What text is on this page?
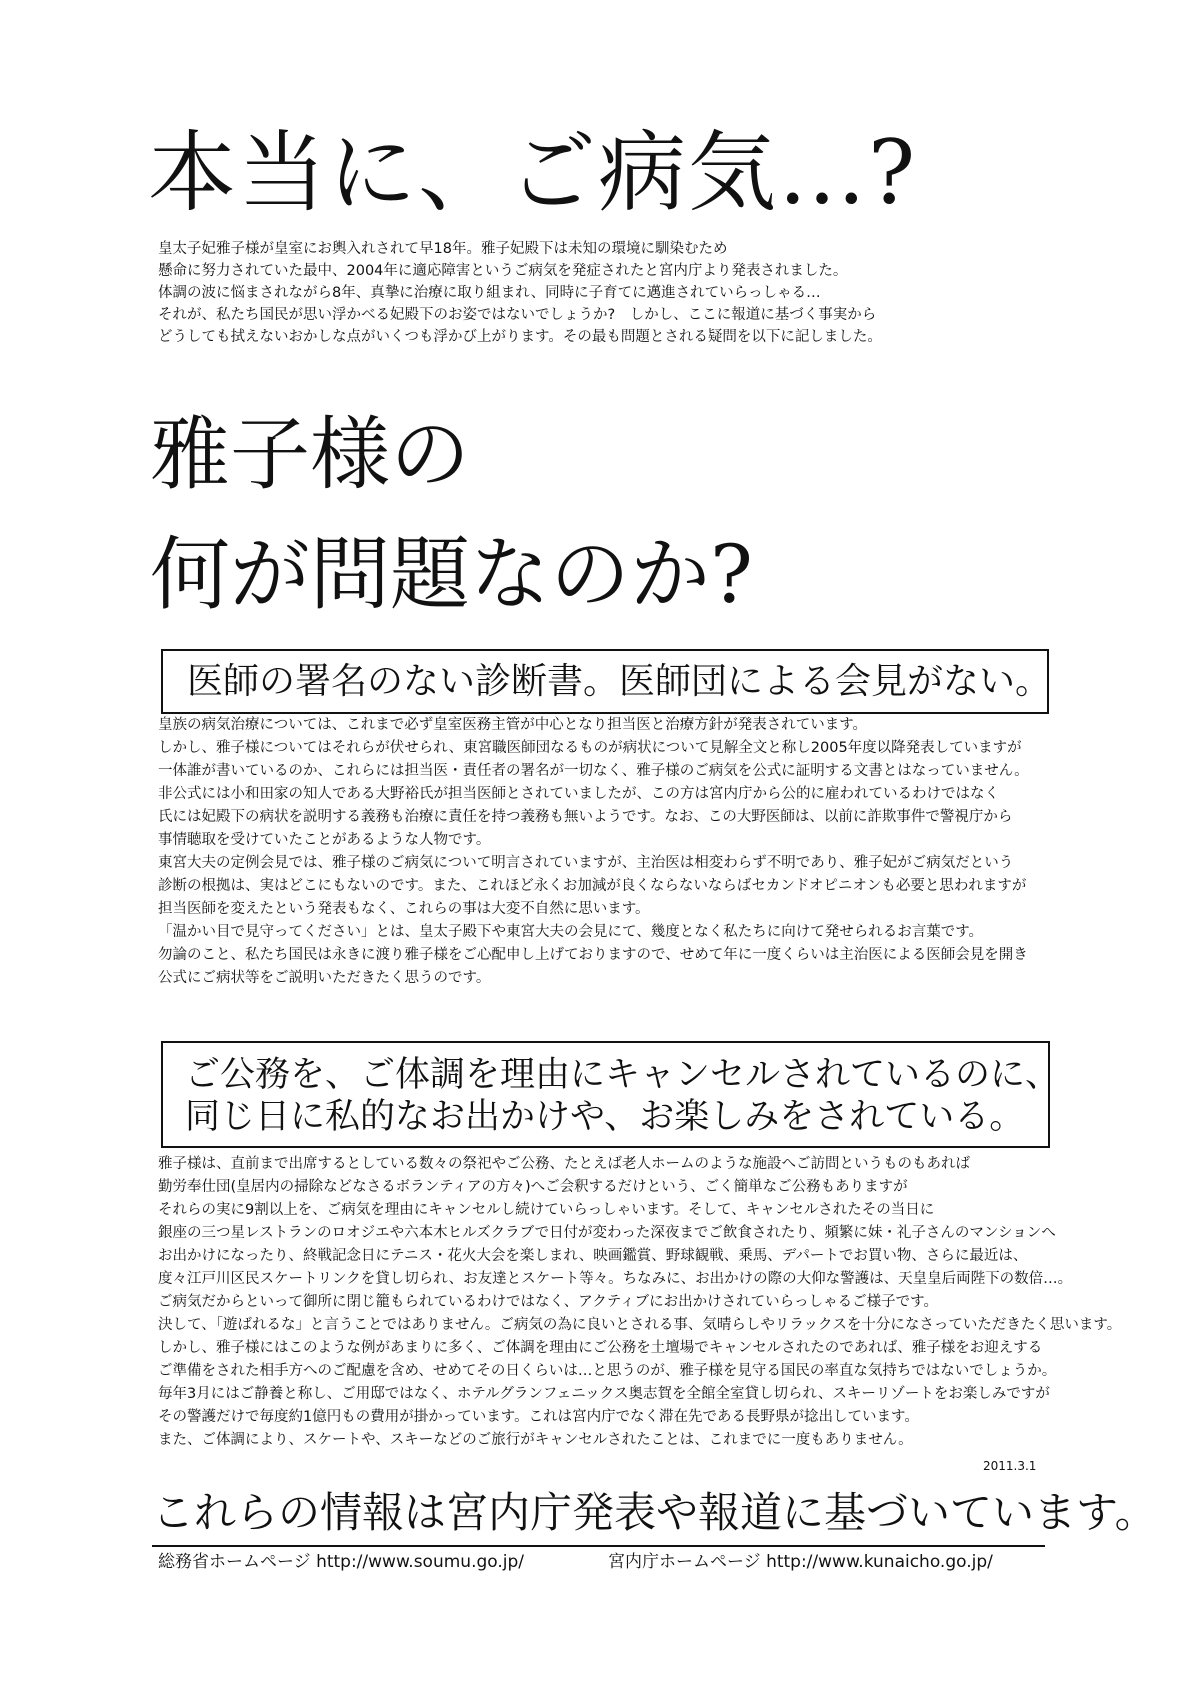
本当に、ご病気…?
皇太子妃雅子様が皇室にお輿入れされて早18年。雅子妃殿下は未知の環境に馴染むため
懸命に努力されていた最中、2004年に適応障害というご病気を発症されたと宮内庁より発表されました。
体調の波に悩まされながら8年、真摯に治療に取り組まれ、同時に子育てに邁進されていらっしゃる…
それが、私たち国民が思い浮かべる妃殿下のお姿ではないでしょうか?　しかし、ここに報道に基づく事実から
どうしても拭えないおかしな点がいくつも浮かび上がります。その最も問題とされる疑問を以下に記しました。
雅子様の
何が問題なのか?
医師の署名のない診断書。医師団による会見がない。
皇族の病気治療については、これまで必ず皇室医務主管が中心となり担当医と治療方針が発表されています。
しかし、雅子様についてはそれらが伏せられ、東宮職医師団なるものが病状について見解全文と称し2005年度以降発表していますが
一体誰が書いているのか、これらには担当医・責任者の署名が一切なく、雅子様のご病気を公式に証明する文書とはなっていません。
非公式には小和田家の知人である大野裕氏が担当医師とされていましたが、この方は宮内庁から公的に雇われているわけではなく
氏には妃殿下の病状を説明する義務も治療に責任を持つ義務も無いようです。なお、この大野医師は、以前に詐欺事件で警視庁から
事情聴取を受けていたことがあるような人物です。
東宮大夫の定例会見では、雅子様のご病気について明言されていますが、主治医は相変わらず不明であり、雅子妃がご病気だという
診断の根拠は、実はどこにもないのです。また、これほど永くお加減が良くならないならばセカンドオピニオンも必要と思われますが
担当医師を変えたという発表もなく、これらの事は大変不自然に思います。
「温かい目で見守ってください」とは、皇太子殿下や東宮大夫の会見にて、幾度となく私たちに向けて発せられるお言葉です。
勿論のこと、私たち国民は永きに渡り雅子様をご心配申し上げておりますので、せめて年に一度くらいは主治医による医師会見を開き
公式にご病状等をご説明いただきたく思うのです。
ご公務を、ご体調を理由にキャンセルされているのに、
同じ日に私的なお出かけや、お楽しみをされている。
雅子様は、直前まで出席するとしている数々の祭祀やご公務、たとえば老人ホームのような施設へご訪問というものもあれば
勤労奉仕団(皇居内の掃除などなさるボランティアの方々)へご会釈するだけという、ごく簡単なご公務もありますが
それらの実に9割以上を、ご病気を理由にキャンセルし続けていらっしゃいます。そして、キャンセルされたその当日に
銀座の三つ星レストランのロオジエや六本木ヒルズクラブで日付が変わった深夜までご飲食されたり、頻繁に妹・礼子さんのマンションへ
お出かけになったり、終戦記念日にテニス・花火大会を楽しまれ、映画鑑賞、野球観戦、乗馬、デパートでお買い物、さらに最近は、
度々江戸川区民スケートリンクを貸し切られ、お友達とスケート等々。ちなみに、お出かけの際の大仰な警護は、天皇皇后両陛下の数倍…。
ご病気だからといって御所に閉じ籠もられているわけではなく、アクティブにお出かけされていらっしゃるご様子です。
決して、「遊ばれるな」と言うことではありません。ご病気の為に良いとされる事、気晴らしやリラックスを十分になさっていただきたく思います。
しかし、雅子様にはこのような例があまりに多く、ご体調を理由にご公務を土壇場でキャンセルされたのであれば、雅子様をお迎えする
ご準備をされた相手方へのご配慮を含め、せめてその日くらいは…と思うのが、雅子様を見守る国民の率直な気持ちではないでしょうか。
毎年3月にはご静養と称し、ご用邸ではなく、ホテルグランフェニックス奥志賀を全館全室貸し切られ、スキーリゾートをお楽しみですが
その警護だけで毎度約1億円もの費用が掛かっています。これは宮内庁でなく滞在先である長野県が捻出しています。
また、ご体調により、スケートや、スキーなどのご旅行がキャンセルされたことは、これまでに一度もありません。
2011.3.1
これらの情報は宮内庁発表や報道に基づいています。
総務省ホームページ http://www.soumu.go.jp/	宮内庁ホームページ http://www.kunaicho.go.jp/
